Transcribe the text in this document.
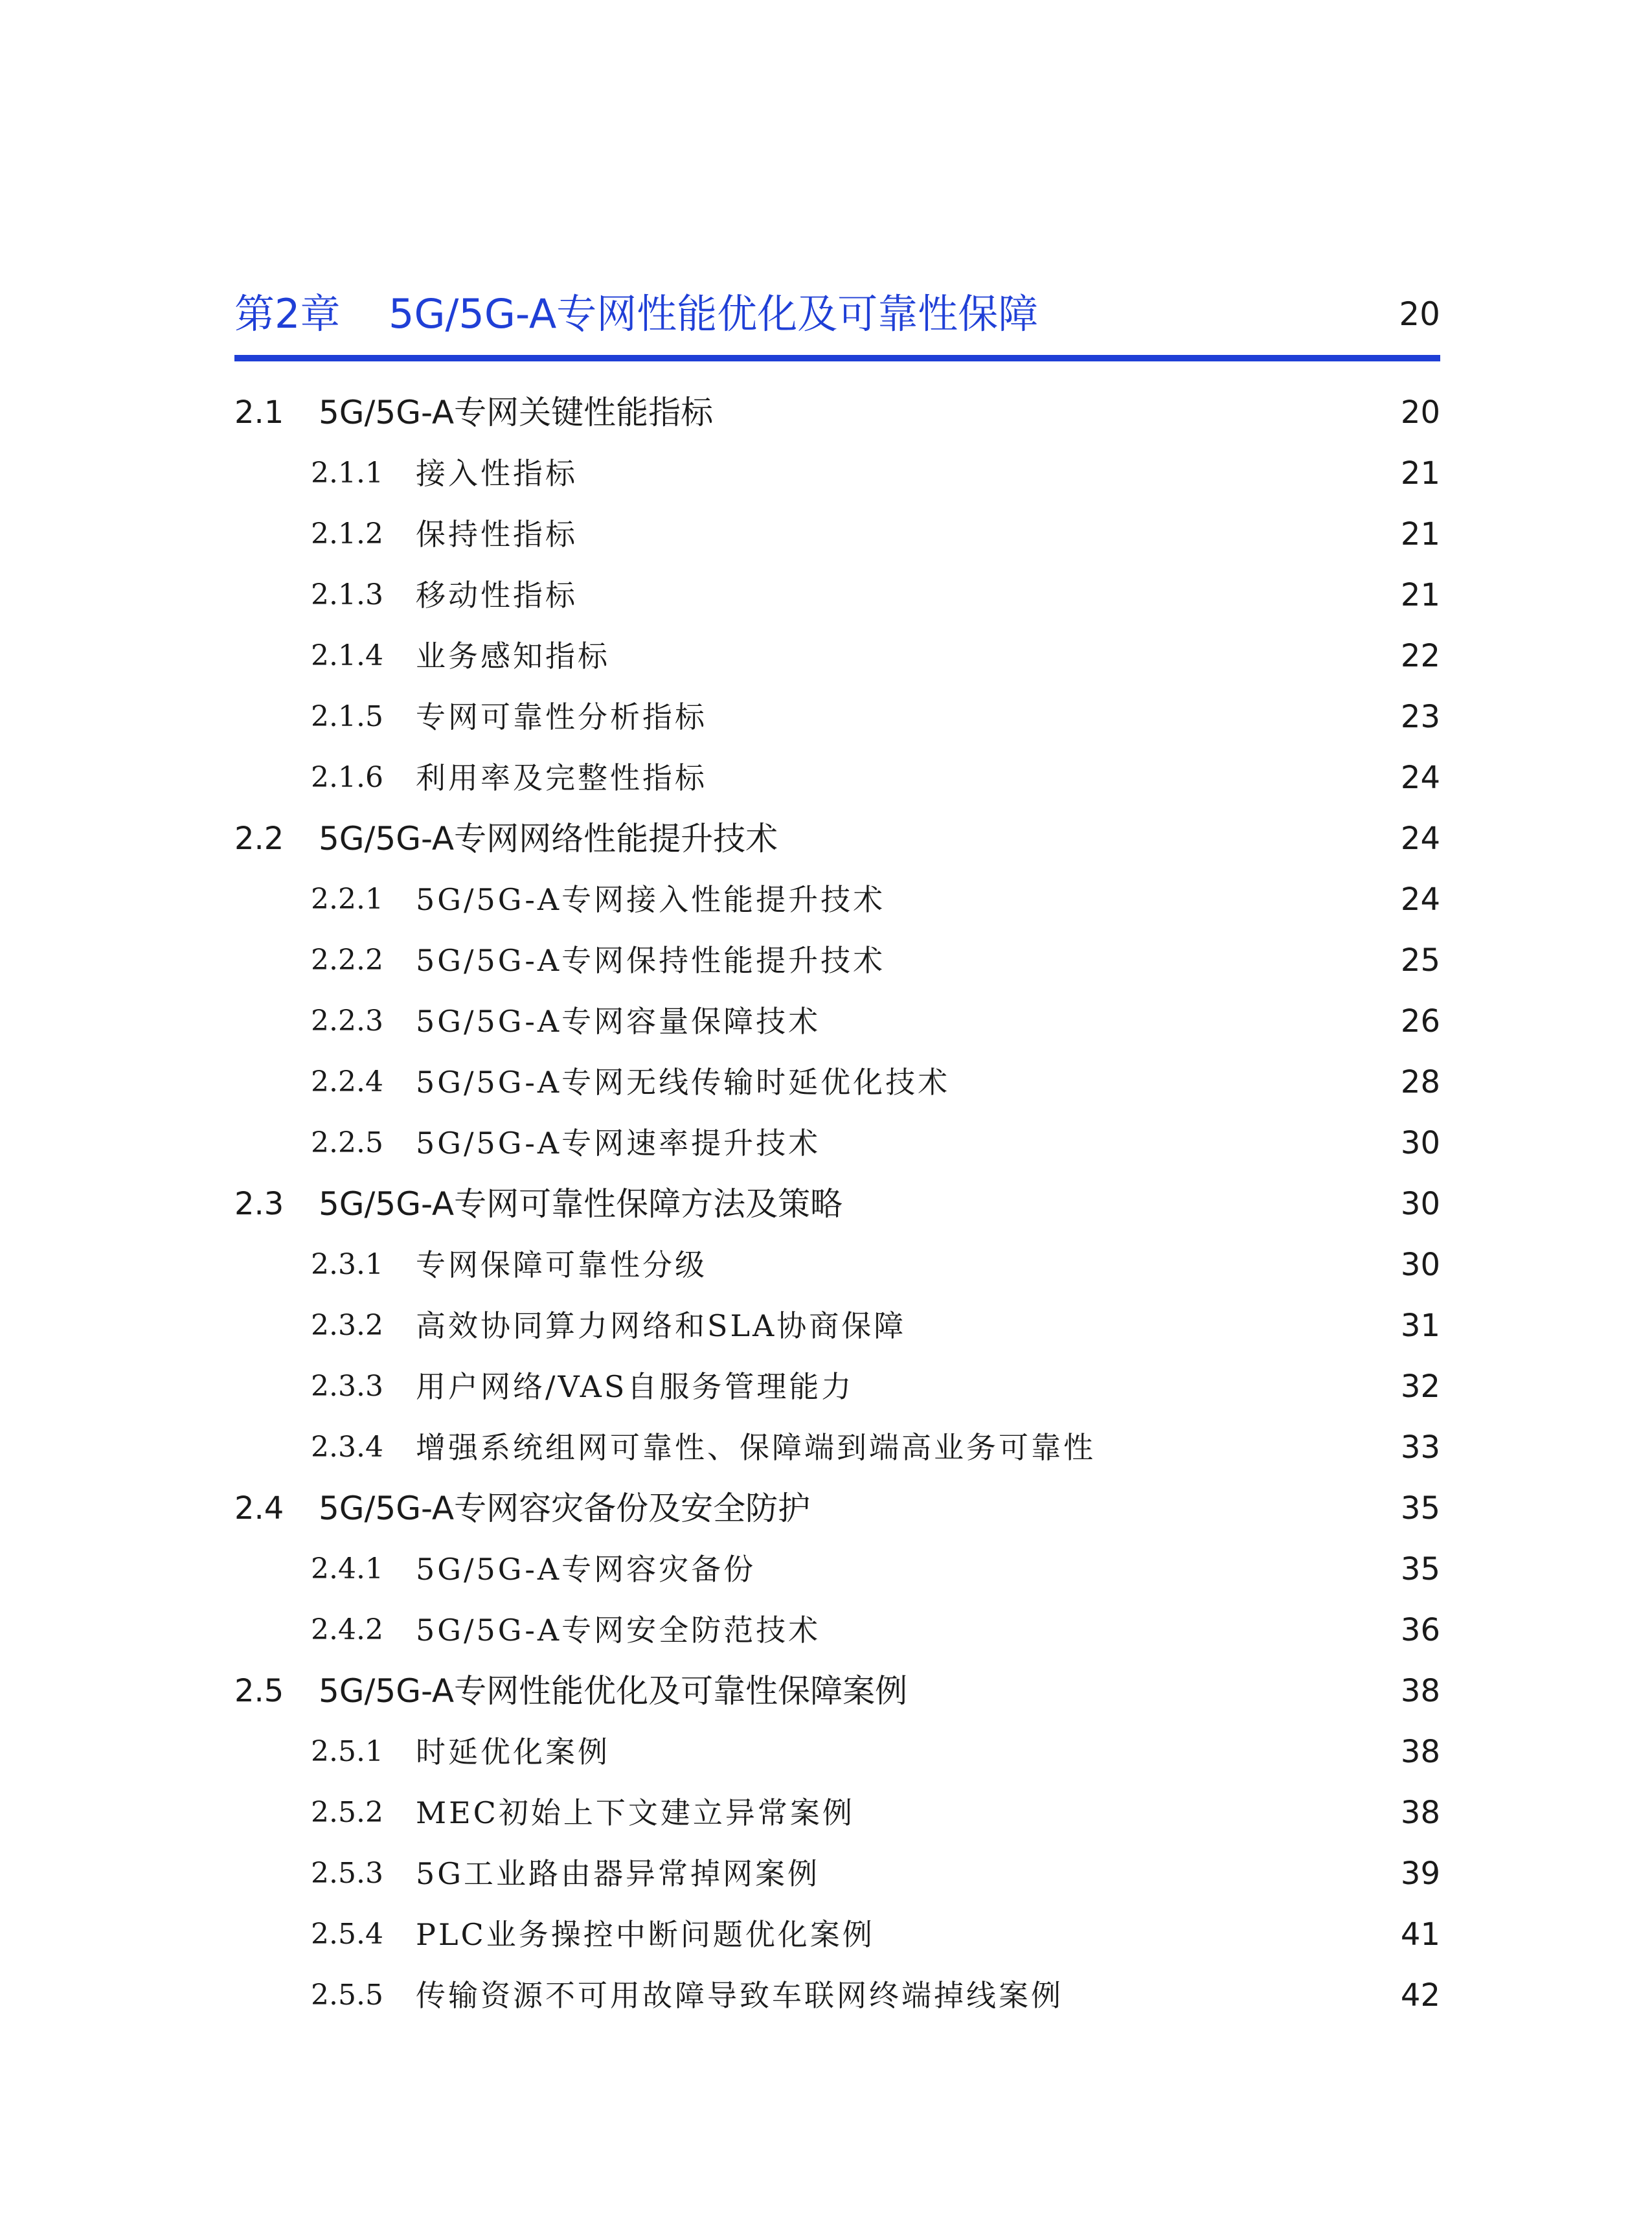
第2章 5G/5G-A专网性能优化及可靠性保障	20
2.1 5G/5G-A专网关键性能指标	20
2.1.1 接入性指标	21
2.1.2 保持性指标	21
2.1.3 移动性指标	21
2.1.4 业务感知指标	22
2.1.5 专网可靠性分析指标	23
2.1.6 利用率及完整性指标	24
2.2 5G/5G-A专网网络性能提升技术	24
2.2.1 5G/5G-A专网接入性能提升技术	24
2.2.2 5G/5G-A专网保持性能提升技术	25
2.2.3 5G/5G-A专网容量保障技术	26
2.2.4 5G/5G-A专网无线传输时延优化技术	28
2.2.5 5G/5G-A专网速率提升技术	30
2.3 5G/5G-A专网可靠性保障方法及策略	30
2.3.1 专网保障可靠性分级	30
2.3.2 高效协同算力网络和SLA协商保障	31
2.3.3 用户网络/VAS自服务管理能力	32
2.3.4 增强系统组网可靠性、保障端到端高业务可靠性	33
2.4 5G/5G-A专网容灾备份及安全防护	35
2.4.1 5G/5G-A专网容灾备份	35
2.4.2 5G/5G-A专网安全防范技术	36
2.5 5G/5G-A专网性能优化及可靠性保障案例	38
2.5.1 时延优化案例	38
2.5.2 MEC初始上下文建立异常案例	38
2.5.3 5G工业路由器异常掉网案例	39
2.5.4 PLC业务操控中断问题优化案例	41
2.5.5 传输资源不可用故障导致车联网终端掉线案例	42
